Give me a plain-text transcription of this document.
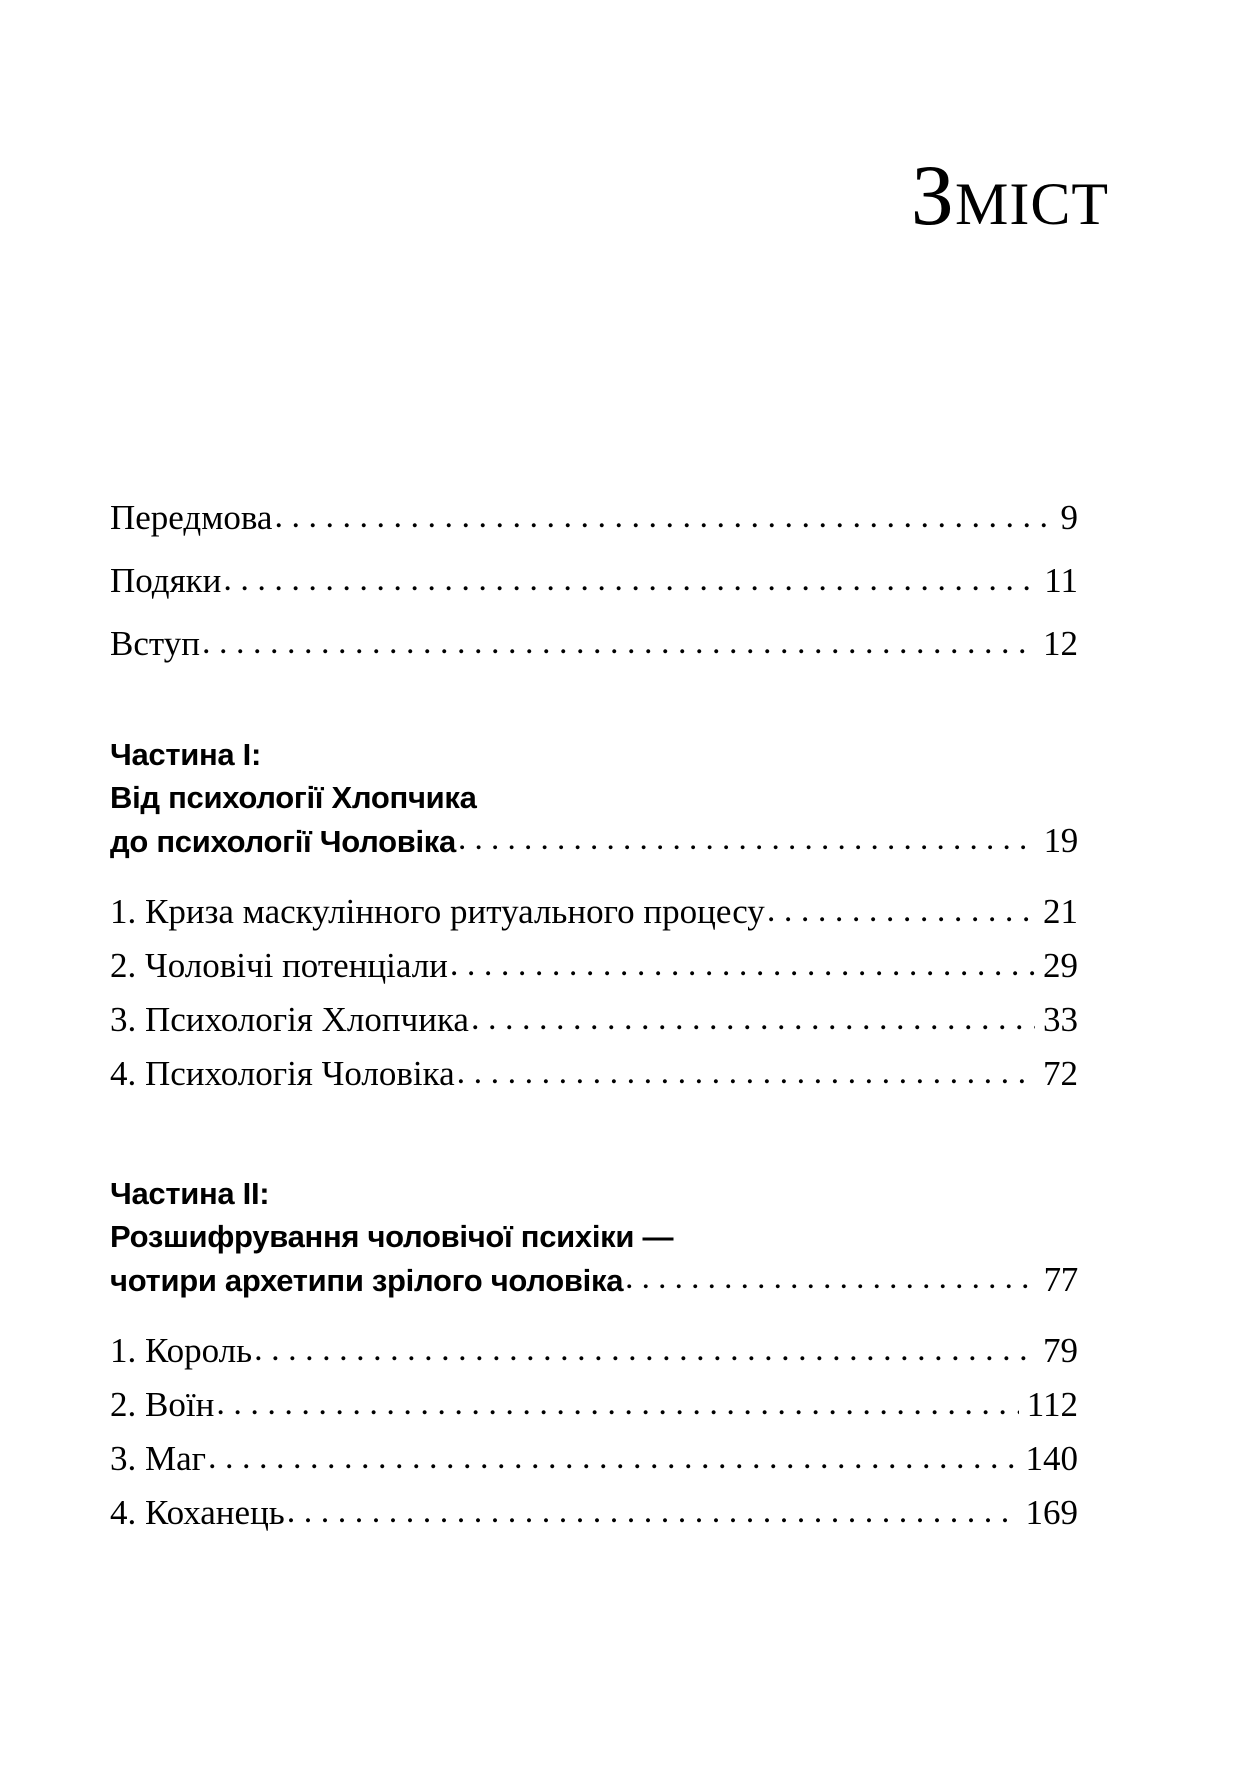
Зміст
Передмова . . .	9
Подяки . . .	11
Вступ . . .	12
Частина I:
Від психології Хлопчика
до психології Чоловіка . . .	19
1. Криза маскулінного ритуального процесу . . .	21
2. Чоловічі потенціали . . .	29
3. Психологія Хлопчика . . .	33
4. Психологія Чоловіка . . .	72
Частина II:
Розшифрування чоловічої психіки —
чотири архетипи зрілого чоловіка . . .	77
1. Король . . .	79
2. Воїн . . .	112
3. Маг . . .	140
4. Коханець . . .	169
